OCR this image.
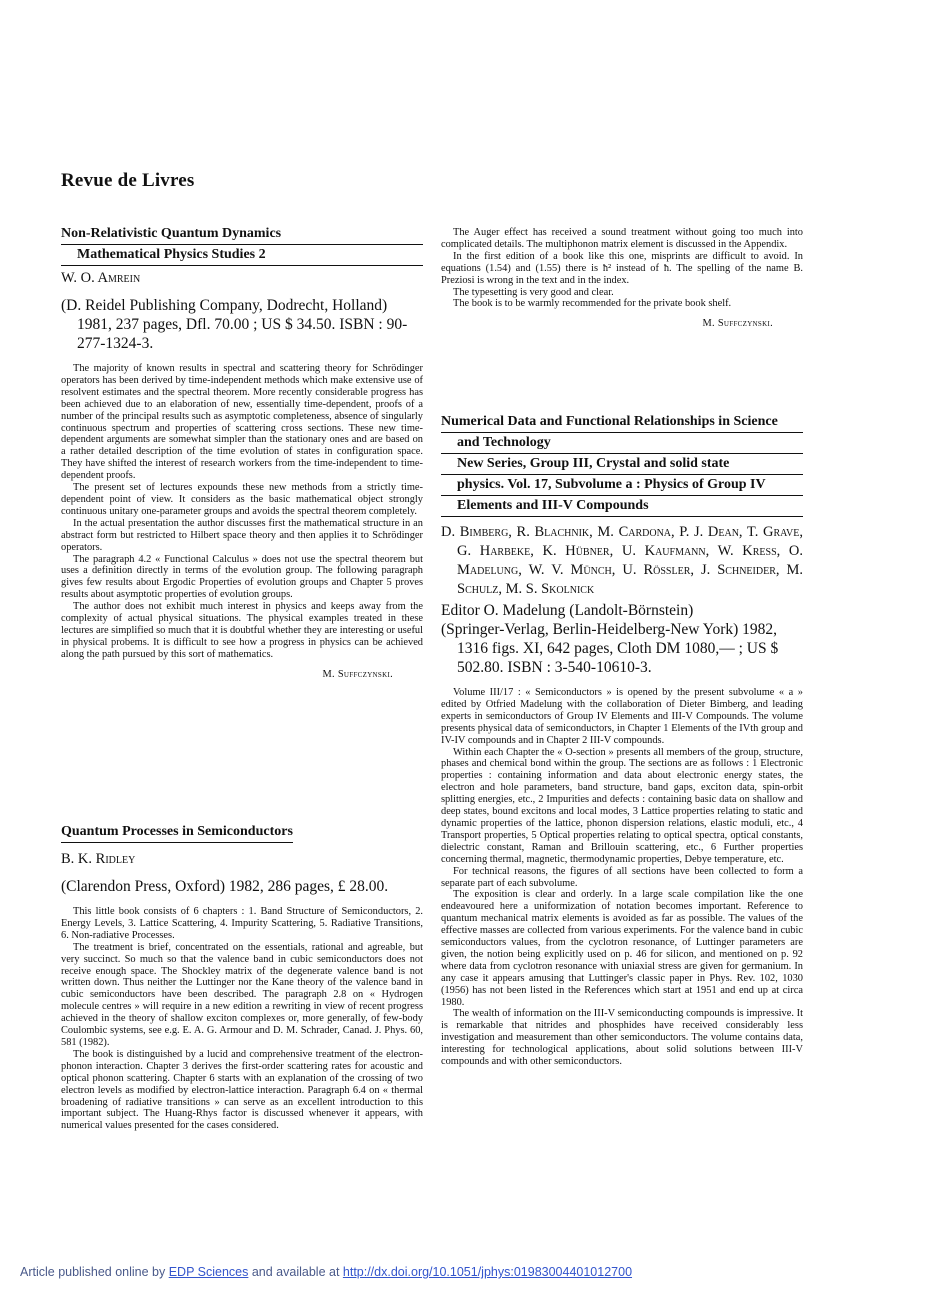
Revue de Livres
Non-Relativistic Quantum Dynamics
Mathematical Physics Studies 2
W. O. Amrein
(D. Reidel Publishing Company, Dodrecht, Holland) 1981, 237 pages, Dfl. 70.00 ; US $ 34.50. ISBN : 90-277-1324-3.

The majority of known results in spectral and scattering theory for Schrödinger operators has been derived by time-independent methods which make extensive use of resolvent estimates and the spectral theorem. More recently considerable progress has been achieved due to an elaboration of new, essentially time-dependent, proofs of a number of the principal results such as asymptotic completeness, absence of singularly continuous spectrum and properties of scattering cross sections. These new time-dependent arguments are somewhat simpler than the stationary ones and are based on a rather detailed description of the time evolution of states in configuration space. They have shifted the interest of research workers from the time-independent to time-dependent proofs.

The present set of lectures expounds these new methods from a strictly time-dependent point of view. It considers as the basic mathematical object strongly continuous unitary one-parameter groups and avoids the spectral theorem completely.

In the actual presentation the author discusses first the mathematical structure in an abstract form but restricted to Hilbert space theory and then applies it to Schrödinger operators.

The paragraph 4.2 « Functional Calculus » does not use the spectral theorem but uses a definition directly in terms of the evolution group. The following paragraph gives few results about Ergodic Properties of evolution groups and Chapter 5 proves results about asymptotic properties of evolution groups.

The author does not exhibit much interest in physics and keeps away from the complexity of actual physical situations. The physical examples treated in these lectures are simplified so much that it is doubtful whether they are interesting or useful in physical probems. It is difficult to see how a progress in physics can be achieved along the path pursued by this sort of mathematics.

M. Suffczynski.
Quantum Processes in Semiconductors
B. K. Ridley
(Clarendon Press, Oxford) 1982, 286 pages, £ 28.00.

This little book consists of 6 chapters : 1. Band Structure of Semiconductors, 2. Energy Levels, 3. Lattice Scattering, 4. Impurity Scattering, 5. Radiative Transitions, 6. Non-radiative Processes.

The treatment is brief, concentrated on the essentials, rational and agreable, but very succinct. So much so that the valence band in cubic semiconductors does not receive enough space. The Shockley matrix of the degenerate valence band is not written down. Thus neither the Luttinger nor the Kane theory of the valence band in cubic semiconductors have been described. The paragraph 2.8 on « Hydrogen molecule centres » will require in a new edition a rewriting in view of recent progress achieved in the theory of shallow exciton complexes or, more generally, of few-body Coulombic systems, see e.g. E. A. G. Armour and D. M. Schrader, Canad. J. Phys. 60, 581 (1982).

The book is distinguished by a lucid and comprehensive treatment of the electron-phonon interaction. Chapter 3 derives the first-order scattering rates for acoustic and optical phonon scattering. Chapter 6 starts with an explanation of the crossing of two electron levels as modified by electron-lattice interaction. Paragraph 6.4 on « thermal broadening of radiative transitions » can serve as an excellent introduction to this important subject. The Huang-Rhys factor is discussed whenever it appears, with numerical values presented for the cases considered.

The Auger effect has received a sound treatment without going too much into complicated details. The multiphonon matrix element is discussed in the Appendix.

In the first edition of a book like this one, misprints are difficult to avoid. In equations (1.54) and (1.55) there is ħ² instead of ħ. The spelling of the name B. Preziosi is wrong in the text and in the index.

The typesetting is very good and clear.

The book is to be warmly recommended for the private book shelf.

M. Suffczynski.
Numerical Data and Functional Relationships in Science
and Technology
New Series, Group III, Crystal and solid state
physics. Vol. 17, Subvolume a : Physics of Group IV
Elements and III-V Compounds
D. Bimberg, R. Blachnik, M. Cardona, P. J. Dean, T. Grave, G. Harbeke, K. Hübner, U. Kaufmann, W. Kress, O. Madelung, W. V. Münch, U. Rössler, J. Schneider, M. Schulz, M. S. Skolnick
Editor O. Madelung (Landolt-Börnstein)
(Springer-Verlag, Berlin-Heidelberg-New York) 1982, 1316 figs. XI, 642 pages, Cloth DM 1080,— ; US $ 502.80. ISBN : 3-540-10610-3.

Volume III/17 : « Semiconductors » is opened by the present subvolume « a » edited by Otfried Madelung with the collaboration of Dieter Bimberg, and leading experts in semiconductors of Group IV Elements and III-V Compounds. The volume presents physical data of semiconductors, in Chapter 1 Elements of the IVth group and IV-IV compounds and in Chapter 2 III-V compounds.

Within each Chapter the « O-section » presents all members of the group, structure, phases and chemical bond within the group. The sections are as follows : 1 Electronic properties : containing information and data about electronic energy states, the electron and hole parameters, band structure, band gaps, exciton data, spin-orbit splitting energies, etc., 2 Impurities and defects : containing basic data on shallow and deep states, bound excitons and local modes, 3 Lattice properties relating to static and dynamic properties of the lattice, phonon dispersion relations, elastic moduli, etc., 4 Transport properties, 5 Optical properties relating to optical spectra, optical constants, dielectric constant, Raman and Brillouin scattering, etc., 6 Further properties concerning thermal, magnetic, thermodynamic properties, Debye temperature, etc.

For technical reasons, the figures of all sections have been collected to form a separate part of each subvolume.

The exposition is clear and orderly. In a large scale compilation like the one endeavoured here a uniformization of notation becomes important. Reference to quantum mechanical matrix elements is avoided as far as possible. The values of the effective masses are collected from various experiments. For the valence band in cubic semiconductors values, from the cyclotron resonance, of Luttinger parameters are given, the notion being explicitly used on p. 46 for silicon, and mentioned on p. 92 where data from cyclotron resonance with uniaxial stress are given for germanium. In any case it appears amusing that Luttinger's classic paper in Phys. Rev. 102, 1030 (1956) has not been listed in the References which start at 1951 and end up at circa 1980.

The wealth of information on the III-V semiconducting compounds is impressive. It is remarkable that nitrides and phosphides have received considerably less investigation and measurement than other semiconductors. The volume contains data, interesting for technological applications, about solid solutions between III-V compounds and with other semiconductors.

Article published online by EDP Sciences and available at http://dx.doi.org/10.1051/jphys:01983004401012700
